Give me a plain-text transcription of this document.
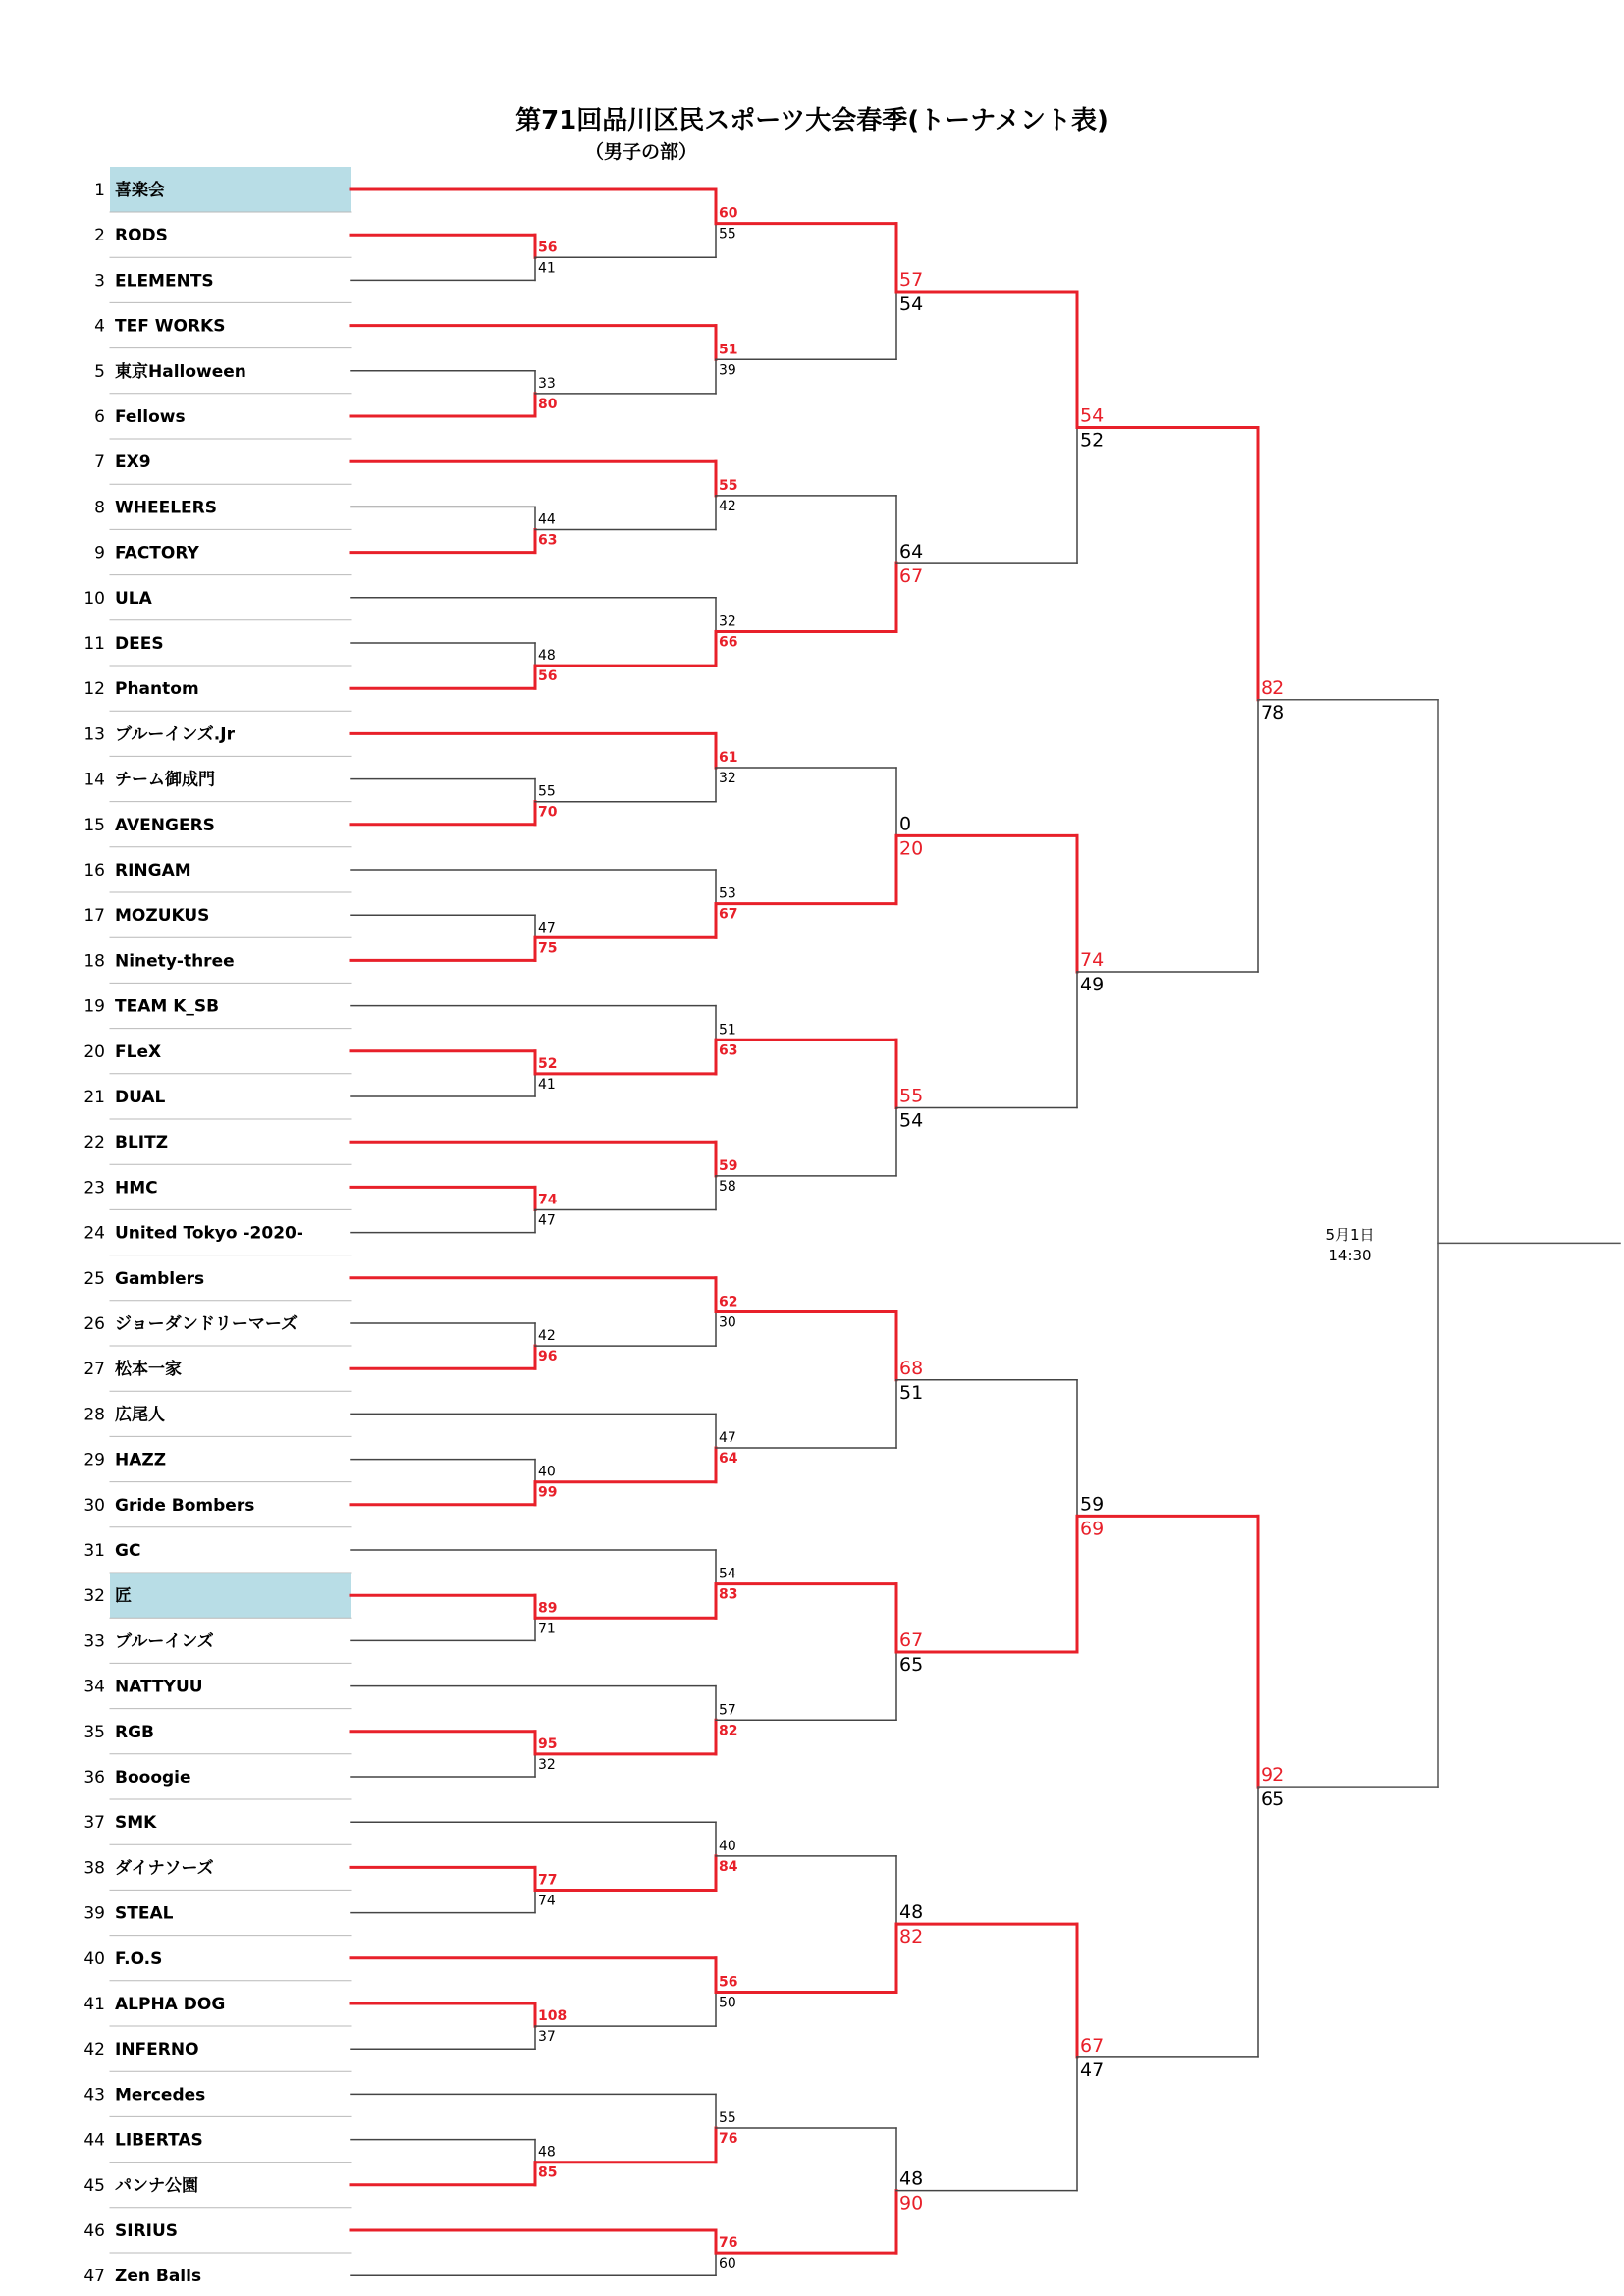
第71回品川区民スポーツ大会春季(トーナメント表)
（男子の部）
1 喜楽会
2 RODS
3 ELEMENTS
4 TEF WORKS
5 東京Halloween
6 Fellows
7 EX9
8 WHEELERS
9 FACTORY
10 ULA
11 DEES
12 Phantom
13 ブルーインズ.Jr
14 チーム御成門
15 AVENGERS
16 RINGAM
17 MOZUKUS
18 Ninety-three
19 TEAM K_SB
20 FLeX
21 DUAL
22 BLITZ
23 HMC
24 United Tokyo -2020-
25 Gamblers
26 ジョーダンドリーマーズ
27 松本一家
28 広尾人
29 HAZZ
30 Gride Bombers
31 GC
32 匠
33 ブルーインズ
34 NATTYUU
35 RGB
36 Booogie
37 SMK
38 ダイナソーズ
39 STEAL
40 F.O.S
41 ALPHA DOG
42 INFERNO
43 Mercedes
44 LIBERTAS
45 パンナ公園
46 SIRIUS
47 Zen Balls
56
41
33
80
44
63
48
56
55
70
47
75
52
41
74
47
42
96
40
99
89
71
95
32
77
74
108
37
48
85
60
55
51
39
55
42
32
66
61
32
53
67
51
63
59
58
62
30
47
64
54
83
57
82
40
84
56
50
55
76
76
60
57
54
64
67
0
20
55
54
68
51
67
65
48
82
48
90
54
52
74
49
59
69
67
47
82
78
92
65
5月1日
14:30
